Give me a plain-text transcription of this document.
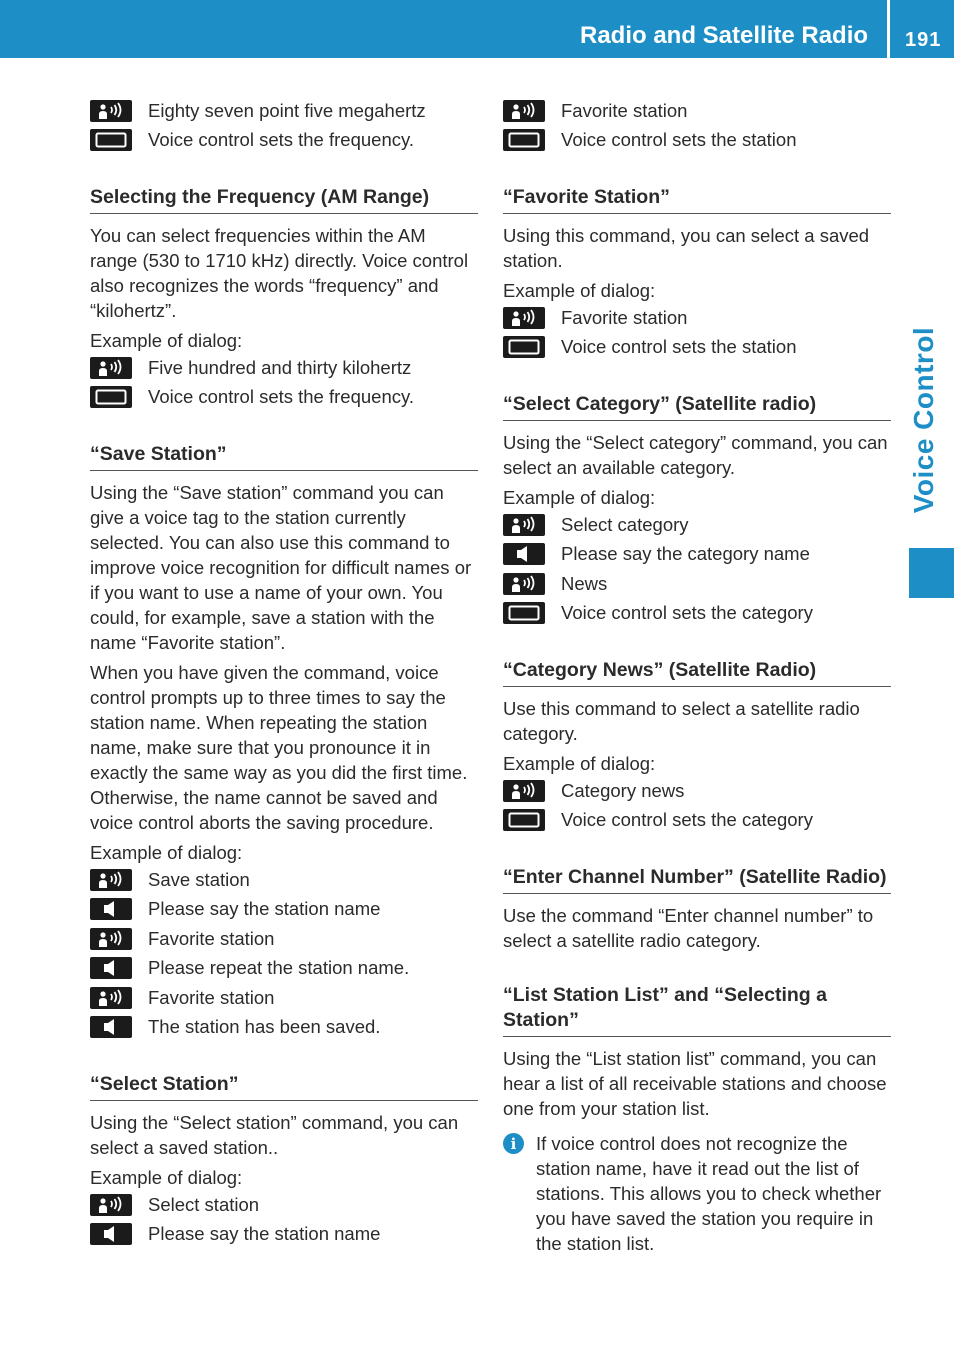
Radio and Satellite Radio 191
Voice Control
Eighty seven point five megahertz
Voice control sets the frequency.
Selecting the Frequency (AM Range)
You can select frequencies within the AM range (530 to 1710 kHz) directly. Voice control also recognizes the words “frequency” and “kilohertz”.
Example of dialog:
Five hundred and thirty kilohertz
Voice control sets the frequency.
“Save Station”
Using the “Save station” command you can give a voice tag to the station currently selected. You can also use this command to improve voice recognition for difficult names or if you want to use a name of your own. You could, for example, save a station with the name “Favorite station”.
When you have given the command, voice control prompts up to three times to say the station name. When repeating the station name, make sure that you pronounce it in exactly the same way as you did the first time. Otherwise, the name cannot be saved and voice control aborts the saving procedure.
Example of dialog:
Save station
Please say the station name
Favorite station
Please repeat the station name.
Favorite station
The station has been saved.
“Select Station”
Using the “Select station” command, you can select a saved station..
Example of dialog:
Select station
Please say the station name
Favorite station
Voice control sets the station
“Favorite Station”
Using this command, you can select a saved station.
Example of dialog:
Favorite station
Voice control sets the station
“Select Category” (Satellite radio)
Using the “Select category” command, you can select an available category.
Example of dialog:
Select category
Please say the category name
News
Voice control sets the category
“Category News” (Satellite Radio)
Use this command to select a satellite radio category.
Example of dialog:
Category news
Voice control sets the category
“Enter Channel Number” (Satellite Radio)
Use the command “Enter channel number” to select a satellite radio category.
“List Station List” and “Selecting a Station”
Using the “List station list” command, you can hear a list of all receivable stations and choose one from your station list.
i	If voice control does not recognize the station name, have it read out the list of stations. This allows you to check whether you have saved the station you require in the station list.
